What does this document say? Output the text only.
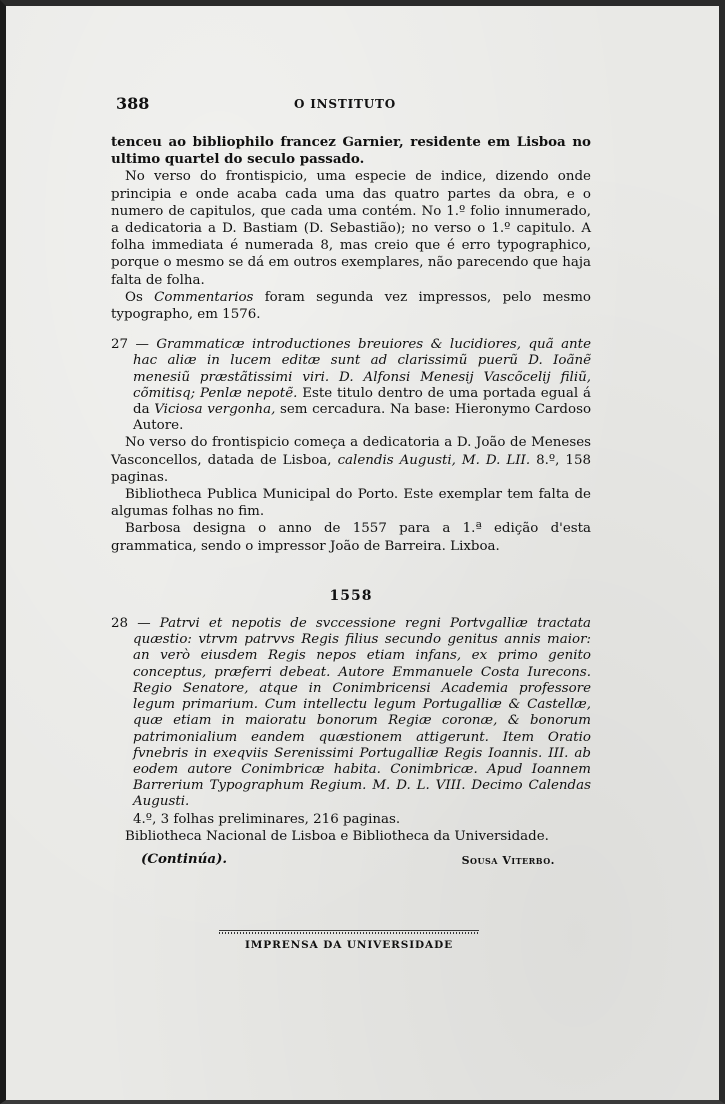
388	O INSTITUTO

tenceu ao bibliophilo francez Garnier, residente em Lisboa no ultimo quartel do seculo passado.

No verso do frontispicio, uma especie de indice, dizendo onde principia e onde acaba cada uma das quatro partes da obra, e o numero de capitulos, que cada uma contém. No 1.º folio innumerado, a dedicatoria a D. Bastiam (D. Sebastião); no verso o 1.º capitulo. A folha immediata é numerada 8, mas creio que é erro typographico, porque o mesmo se dá em outros exemplares, não parecendo que haja falta de folha.

Os Commentarios foram segunda vez impressos, pelo mesmo typographo, em 1576.

27 — Grammaticæ introductiones breuiores & lucidiores, quã ante hac aliæ in lucem editæ sunt ad clarissimũ puerũ D. Ioãnẽ menesiũ præstãtissimi viri. D. Alfonsi Menesij Vascõcelij filiũ, cõmitisq; Penlæ nepotẽ. Este titulo dentro de uma portada egual á da Viciosa vergonha, sem cercadura. Na base: Hieronymo Cardoso Autore.

No verso do frontispicio começa a dedicatoria a D. João de Meneses Vasconcellos, datada de Lisboa, calendis Augusti, M. D. LII. 8.º, 158 paginas.

Bibliotheca Publica Municipal do Porto. Este exemplar tem falta de algumas folhas no fim.

Barbosa designa o anno de 1557 para a 1.ª edição d'esta grammatica, sendo o impressor João de Barreira. Lixboa.

1558

28 — Patrvi et nepotis de svccessione regni Portvgalliæ tractata quæstio: vtrvm patrvvs Regis filius secundo genitus annis maior: an verò eiusdem Regis nepos etiam infans, ex primo genito conceptus, præferri debeat. Autore Emmanuele Costa Iurecons. Regio Senatore, atque in Conimbricensi Academia professore legum primarium. Cum intellectu legum Portugalliæ & Castellæ, quæ etiam in maioratu bonorum Regiæ coronæ, & bonorum patrimonialium eandem quæstionem attigerunt. Item Oratio fvnebris in exeqviis Serenissimi Portugalliæ Regis Ioannis. III. ab eodem autore Conimbricæ habita. Conimbricæ. Apud Ioannem Barrerium Typographum Regium. M. D. L. VIII. Decimo Calendas Augusti.

4.º, 3 folhas preliminares, 216 paginas.

Bibliotheca Nacional de Lisboa e Bibliotheca da Universidade.

(Continúa).	Sousa Viterbo.
IMPRENSA DA UNIVERSIDADE
